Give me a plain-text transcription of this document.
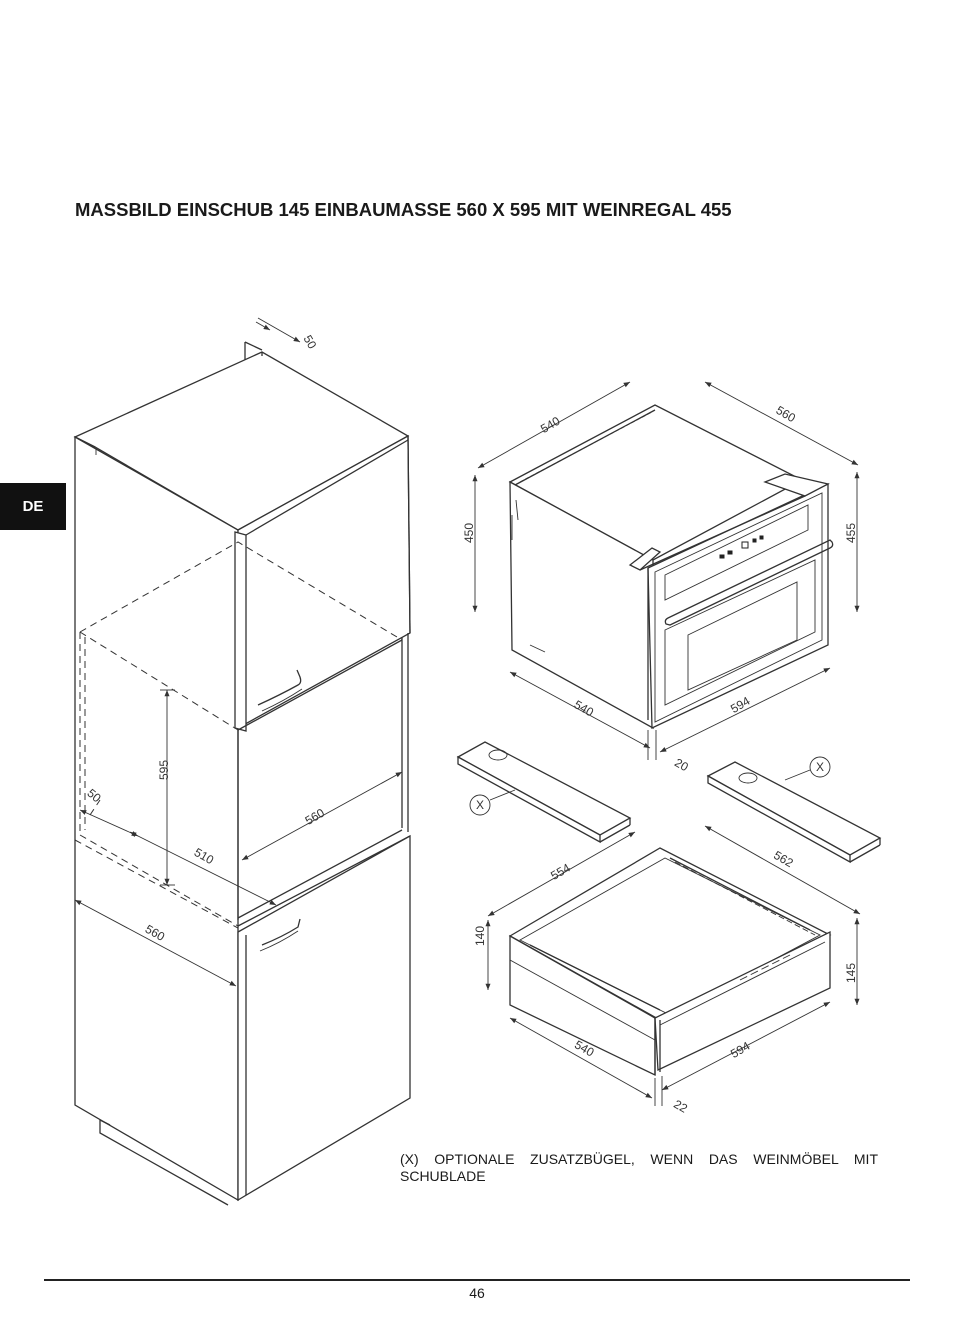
MASSBILD EINSCHUB 145 EINBAUMASSE 560 X 595 MIT WEINREGAL 455
DE
50
595
50
510
560
560
540	560
450	455
540	594
20
X
X
554
562
140
145
540	594
22
(X) OPTIONALE ZUSATZBÜGEL, WENN DAS WEINMÖBEL MIT SCHUBLADE
46
